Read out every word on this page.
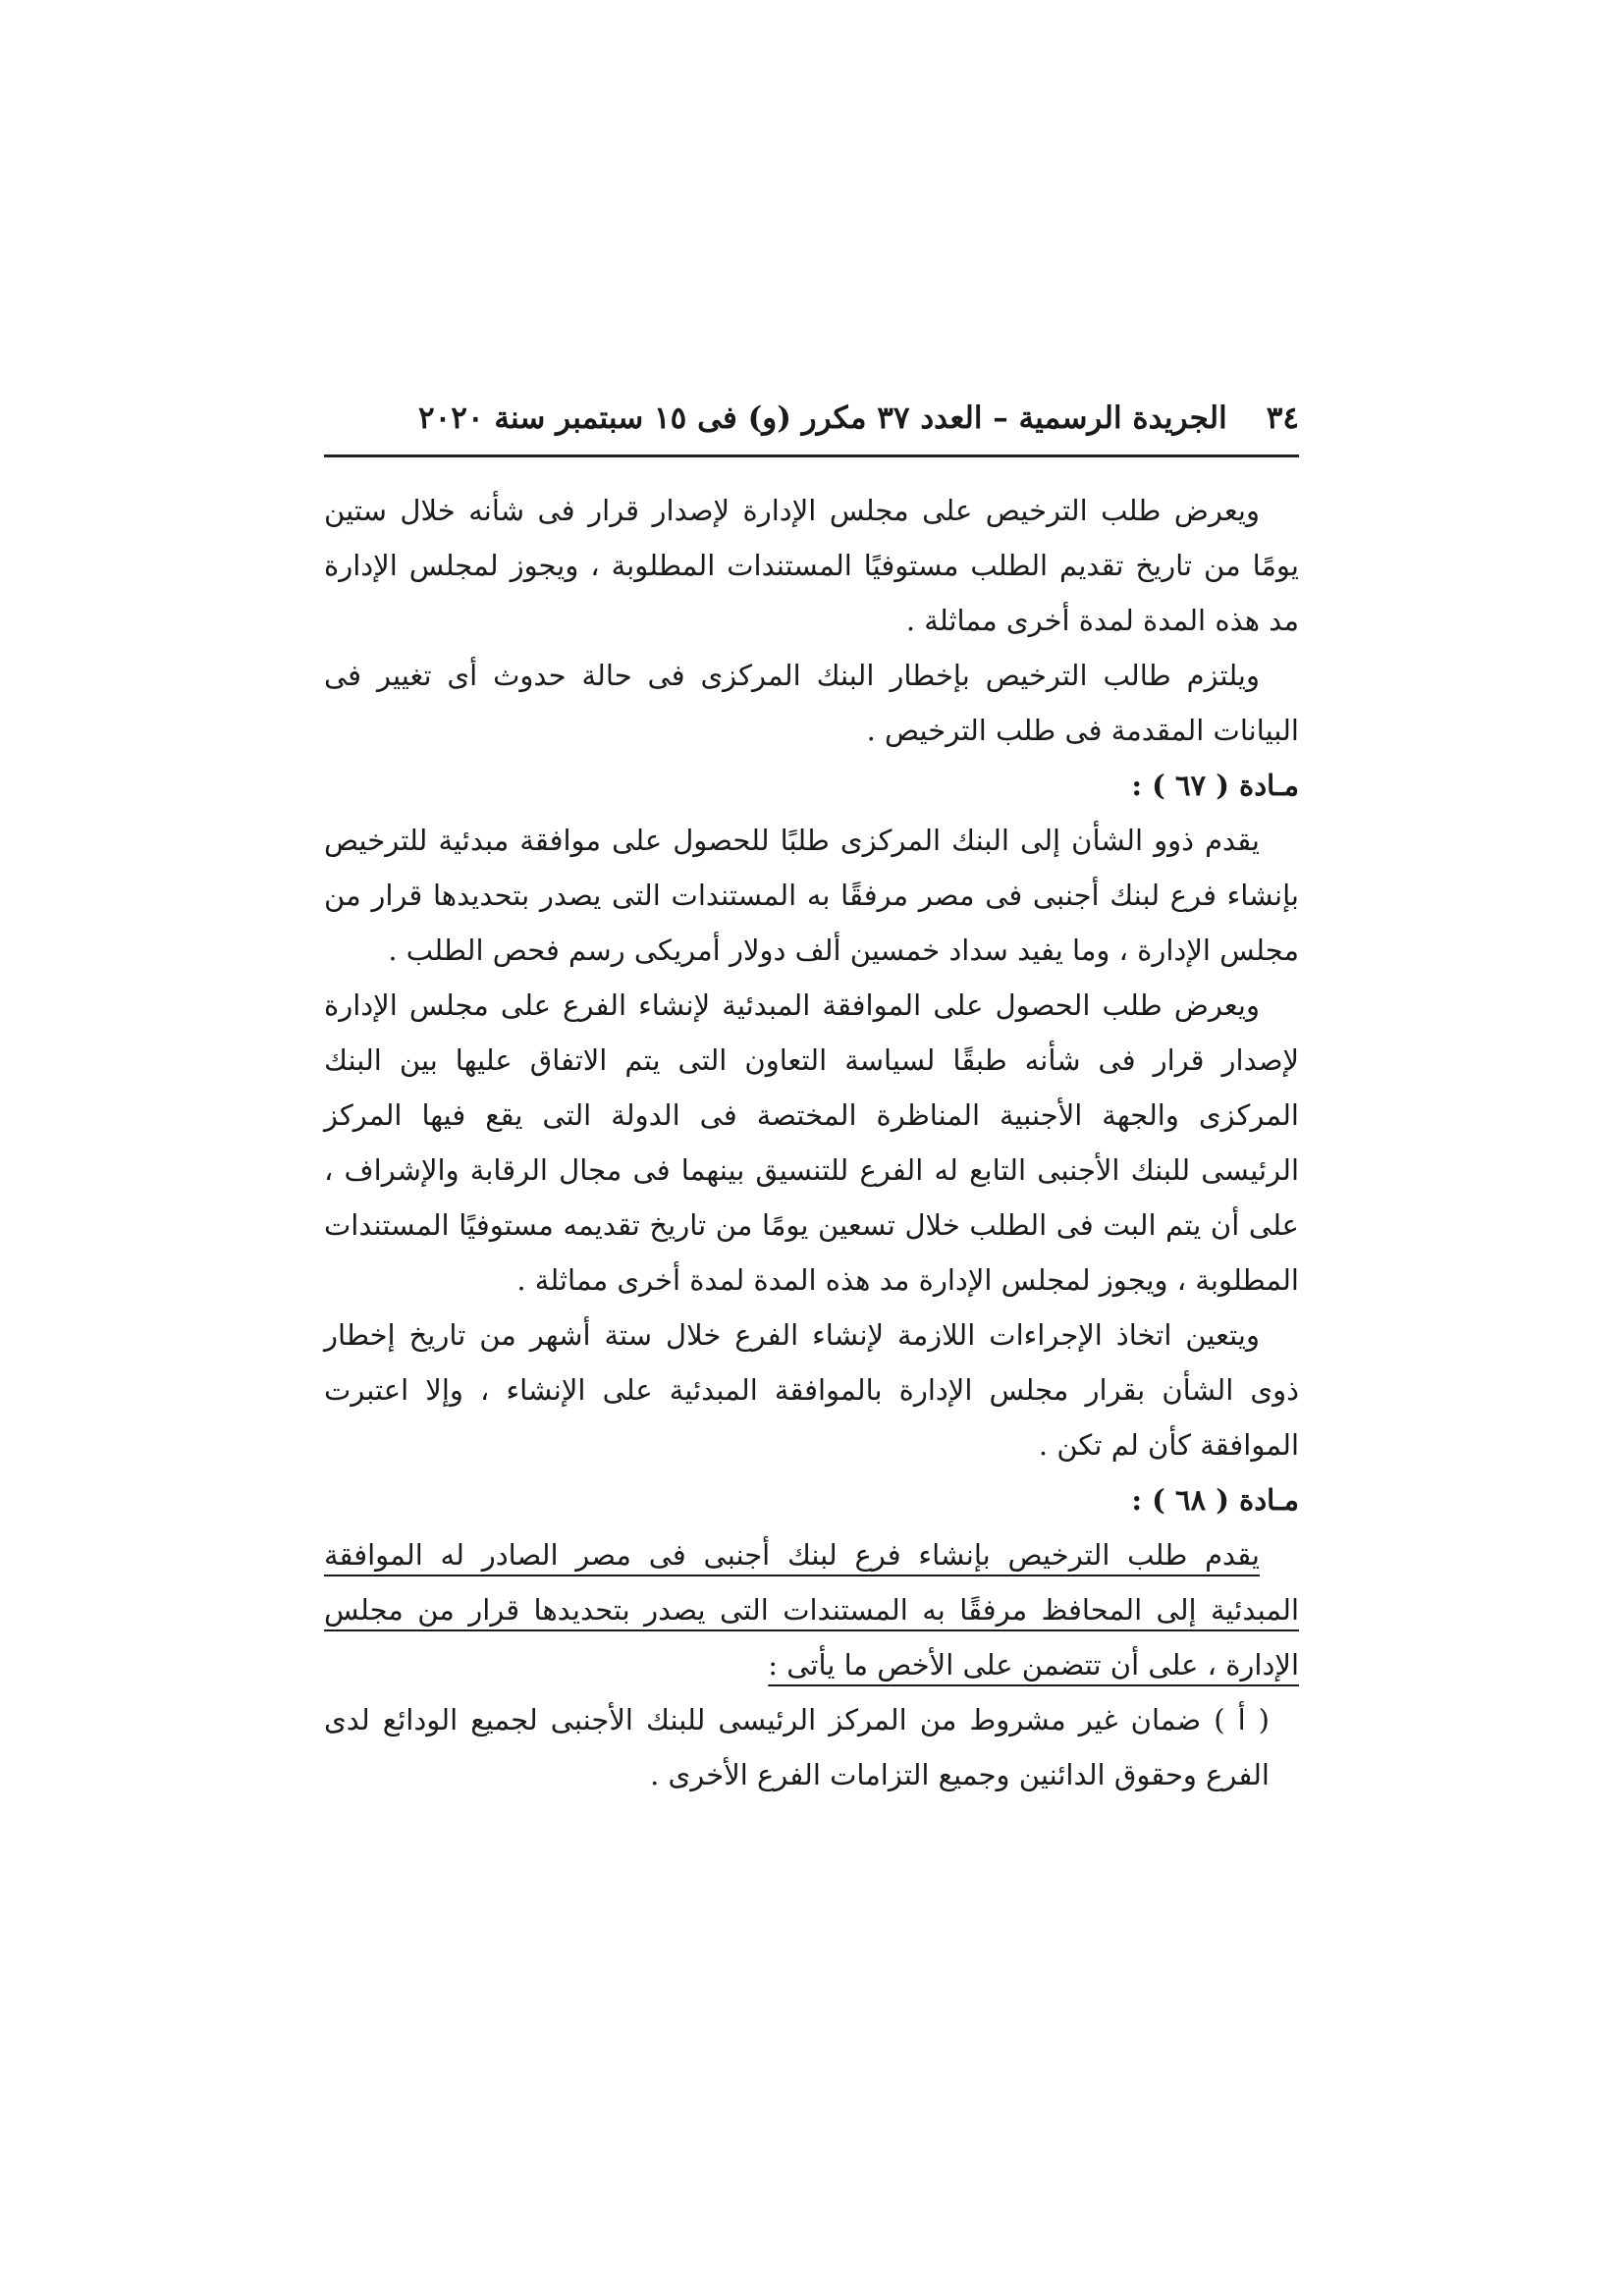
٣٤
الجريدة الرسمية – العدد ٣٧ مكرر (و) فى ١٥ سبتمبر سنة ٢٠٢٠

ويعرض طلب الترخيص على مجلس الإدارة لإصدار قرار فى شأنه خلال ستين يومًا من تاريخ تقديم الطلب مستوفيًا المستندات المطلوبة ، ويجوز لمجلس الإدارة مد هذه المدة لمدة أخرى مماثلة .

ويلتزم طالب الترخيص بإخطار البنك المركزى فى حالة حدوث أى تغيير فى البيانات المقدمة فى طلب الترخيص .

مـادة ( ٦٧ ) :

يقدم ذوو الشأن إلى البنك المركزى طلبًا للحصول على موافقة مبدئية للترخيص بإنشاء فرع لبنك أجنبى فى مصر مرفقًا به المستندات التى يصدر بتحديدها قرار من مجلس الإدارة ، وما يفيد سداد خمسين ألف دولار أمريكى رسم فحص الطلب .

ويعرض طلب الحصول على الموافقة المبدئية لإنشاء الفرع على مجلس الإدارة لإصدار قرار فى شأنه طبقًا لسياسة التعاون التى يتم الاتفاق عليها بين البنك المركزى والجهة الأجنبية المناظرة المختصة فى الدولة التى يقع فيها المركز الرئيسى للبنك الأجنبى التابع له الفرع للتنسيق بينهما فى مجال الرقابة والإشراف ، على أن يتم البت فى الطلب خلال تسعين يومًا من تاريخ تقديمه مستوفيًا المستندات المطلوبة ، ويجوز لمجلس الإدارة مد هذه المدة لمدة أخرى مماثلة .

ويتعين اتخاذ الإجراءات اللازمة لإنشاء الفرع خلال ستة أشهر من تاريخ إخطار ذوى الشأن بقرار مجلس الإدارة بالموافقة المبدئية على الإنشاء ، وإلا اعتبرت الموافقة كأن لم تكن .

مـادة ( ٦٨ ) :

يقدم طلب الترخيص بإنشاء فرع لبنك أجنبى فى مصر الصادر له الموافقة المبدئية إلى المحافظ مرفقًا به المستندات التى يصدر بتحديدها قرار من مجلس الإدارة ، على أن تتضمن على الأخص ما يأتى :

( أ ) ضمان غير مشروط من المركز الرئيسى للبنك الأجنبى لجميع الودائع لدى الفرع وحقوق الدائنين وجميع التزامات الفرع الأخرى .
